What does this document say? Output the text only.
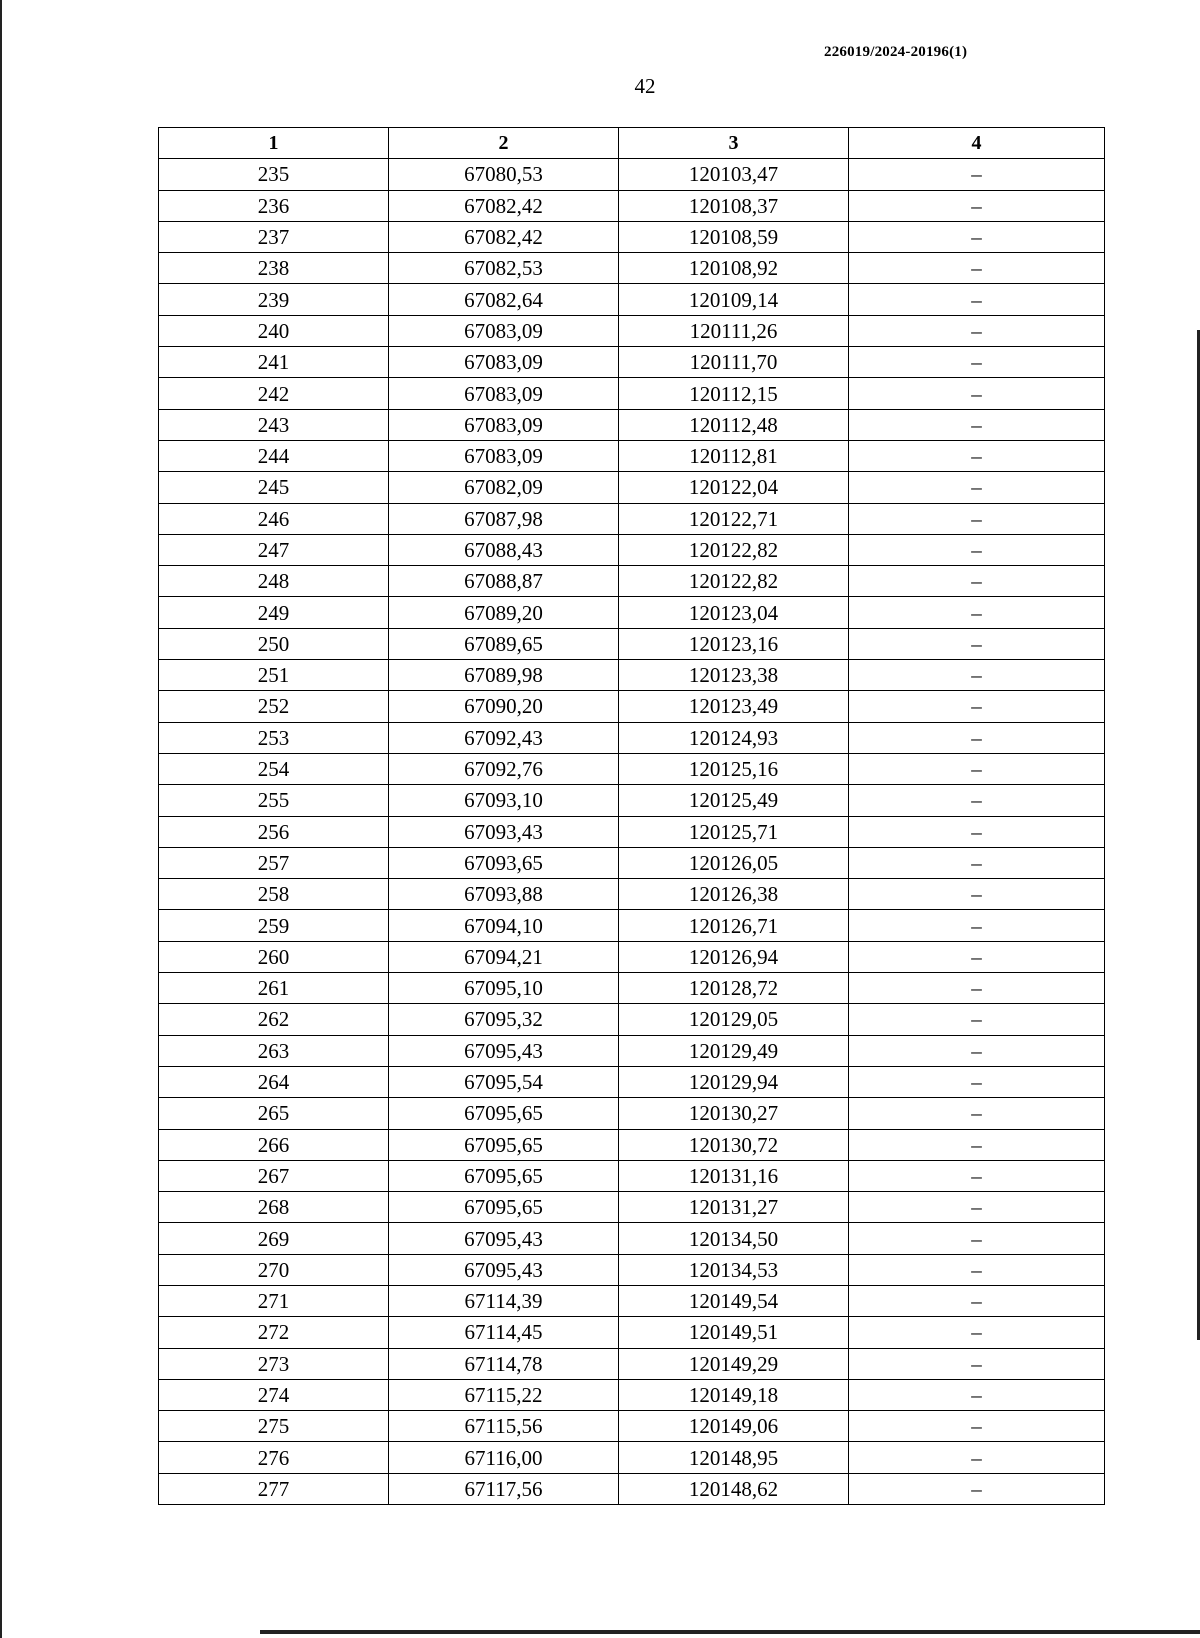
226019/2024-20196(1)
42
1	2	3	4
235	67080,53	120103,47	–
236	67082,42	120108,37	–
237	67082,42	120108,59	–
238	67082,53	120108,92	–
239	67082,64	120109,14	–
240	67083,09	120111,26	–
241	67083,09	120111,70	–
242	67083,09	120112,15	–
243	67083,09	120112,48	–
244	67083,09	120112,81	–
245	67082,09	120122,04	–
246	67087,98	120122,71	–
247	67088,43	120122,82	–
248	67088,87	120122,82	–
249	67089,20	120123,04	–
250	67089,65	120123,16	–
251	67089,98	120123,38	–
252	67090,20	120123,49	–
253	67092,43	120124,93	–
254	67092,76	120125,16	–
255	67093,10	120125,49	–
256	67093,43	120125,71	–
257	67093,65	120126,05	–
258	67093,88	120126,38	–
259	67094,10	120126,71	–
260	67094,21	120126,94	–
261	67095,10	120128,72	–
262	67095,32	120129,05	–
263	67095,43	120129,49	–
264	67095,54	120129,94	–
265	67095,65	120130,27	–
266	67095,65	120130,72	–
267	67095,65	120131,16	–
268	67095,65	120131,27	–
269	67095,43	120134,50	–
270	67095,43	120134,53	–
271	67114,39	120149,54	–
272	67114,45	120149,51	–
273	67114,78	120149,29	–
274	67115,22	120149,18	–
275	67115,56	120149,06	–
276	67116,00	120148,95	–
277	67117,56	120148,62	–
